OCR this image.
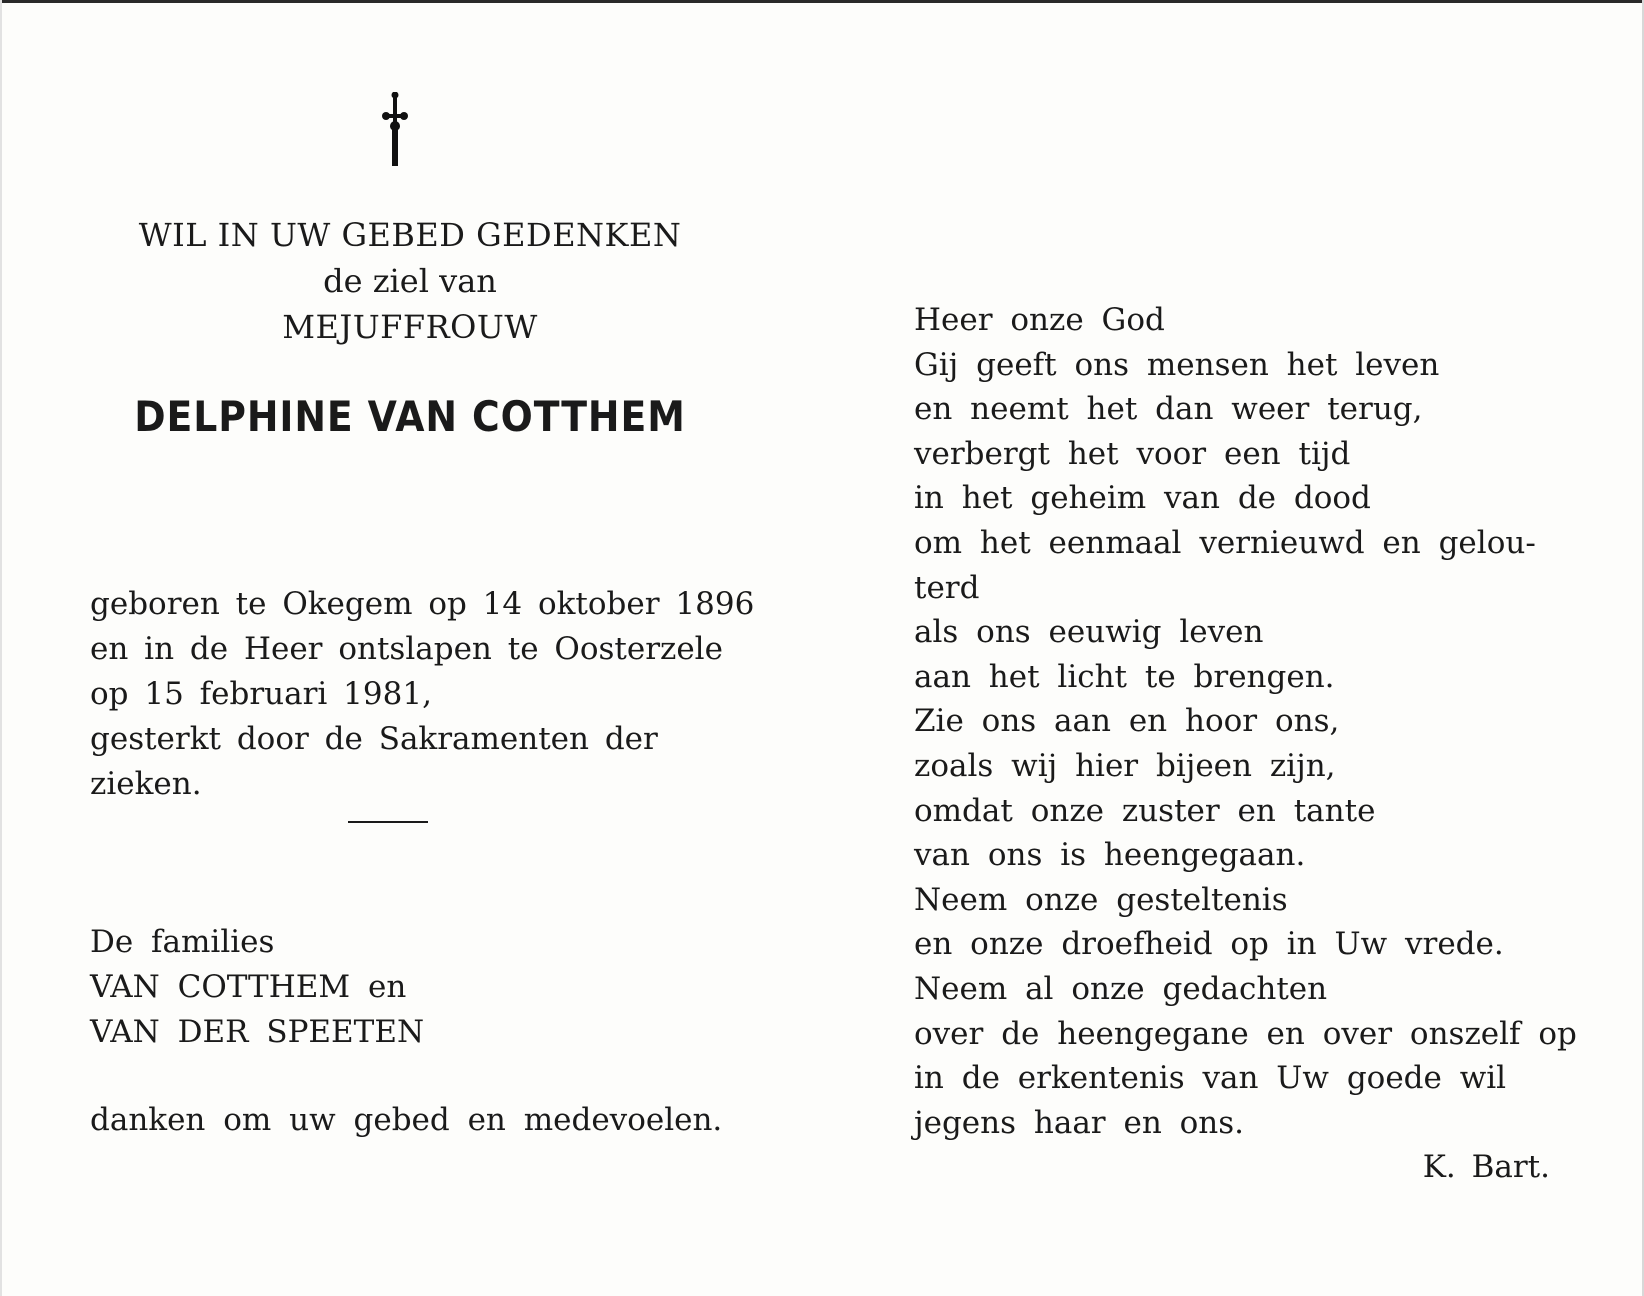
WIL IN UW GEBED GEDENKEN
de ziel van
MEJUFFROUW
DELPHINE VAN COTTHEM
geboren te Okegem op 14 oktober 1896
en in de Heer ontslapen te Oosterzele
op 15 februari 1981,
gesterkt door de Sakramenten der
zieken.
De families
VAN COTTHEM en
VAN DER SPEETEN
danken om uw gebed en medevoelen.
Heer onze God
Gij geeft ons mensen het leven
en neemt het dan weer terug,
verbergt het voor een tijd
in het geheim van de dood
om het eenmaal vernieuwd en gelou-
terd
als ons eeuwig leven
aan het licht te brengen.
Zie ons aan en hoor ons,
zoals wij hier bijeen zijn,
omdat onze zuster en tante
van ons is heengegaan.
Neem onze gesteltenis
en onze droefheid op in Uw vrede.
Neem al onze gedachten
over de heengegane en over onszelf op
in de erkentenis van Uw goede wil
jegens haar en ons.
K. Bart.
